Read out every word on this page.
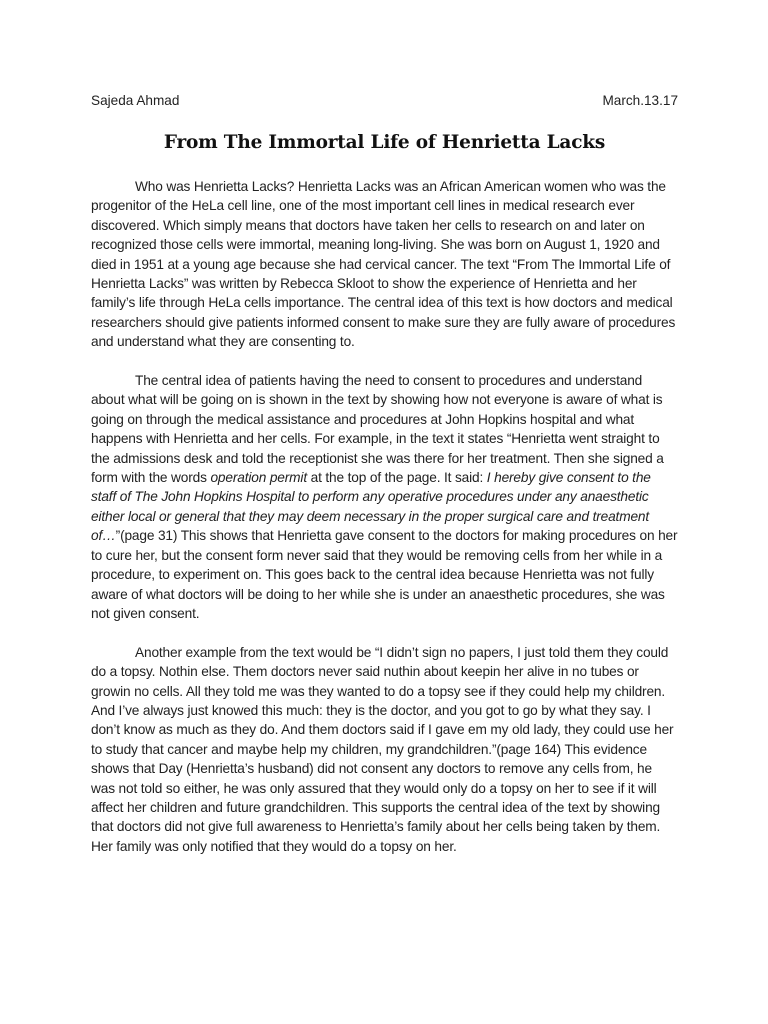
Sajeda Ahmad	March.13.17
From The Immortal Life of Henrietta Lacks

Who was Henrietta Lacks? Henrietta Lacks was an African American women who was the progenitor of the HeLa cell line, one of the most important cell lines in medical research ever discovered. Which simply means that doctors have taken her cells to research on and later on recognized those cells were immortal, meaning long-living. She was born on August 1, 1920 and died in 1951 at a young age because she had cervical cancer. The text “From The Immortal Life of Henrietta Lacks” was written by Rebecca Skloot to show the experience of Henrietta and her family’s life through HeLa cells importance. The central idea of this text is how doctors and medical researchers should give patients informed consent to make sure they are fully aware of procedures and understand what they are consenting to.

The central idea of patients having the need to consent to procedures and understand about what will be going on is shown in the text by showing how not everyone is aware of what is going on through the medical assistance and procedures at John Hopkins hospital and what happens with Henrietta and her cells. For example, in the text it states “Henrietta went straight to the admissions desk and told the receptionist she was there for her treatment. Then she signed a form with the words operation permit at the top of the page. It said: I hereby give consent to the staff of The John Hopkins Hospital to perform any operative procedures under any anaesthetic either local or general that they may deem necessary in the proper surgical care and treatment of…”(page 31) This shows that Henrietta gave consent to the doctors for making procedures on her to cure her, but the consent form never said that they would be removing cells from her while in a procedure, to experiment on. This goes back to the central idea because Henrietta was not fully aware of what doctors will be doing to her while she is under an anaesthetic procedures, she was not given consent.

Another example from the text would be “I didn’t sign no papers, I just told them they could do a topsy. Nothin else. Them doctors never said nuthin about keepin her alive in no tubes or growin no cells. All they told me was they wanted to do a topsy see if they could help my children. And I’ve always just knowed this much: they is the doctor, and you got to go by what they say. I don’t know as much as they do. And them doctors said if I gave em my old lady, they could use her to study that cancer and maybe help my children, my grandchildren.”(page 164) This evidence shows that Day (Henrietta’s husband) did not consent any doctors to remove any cells from, he was not told so either, he was only assured that they would only do a topsy on her to see if it will affect her children and future grandchildren. This supports the central idea of the text by showing that doctors did not give full awareness to Henrietta’s family about her cells being taken by them. Her family was only notified that they would do a topsy on her.
